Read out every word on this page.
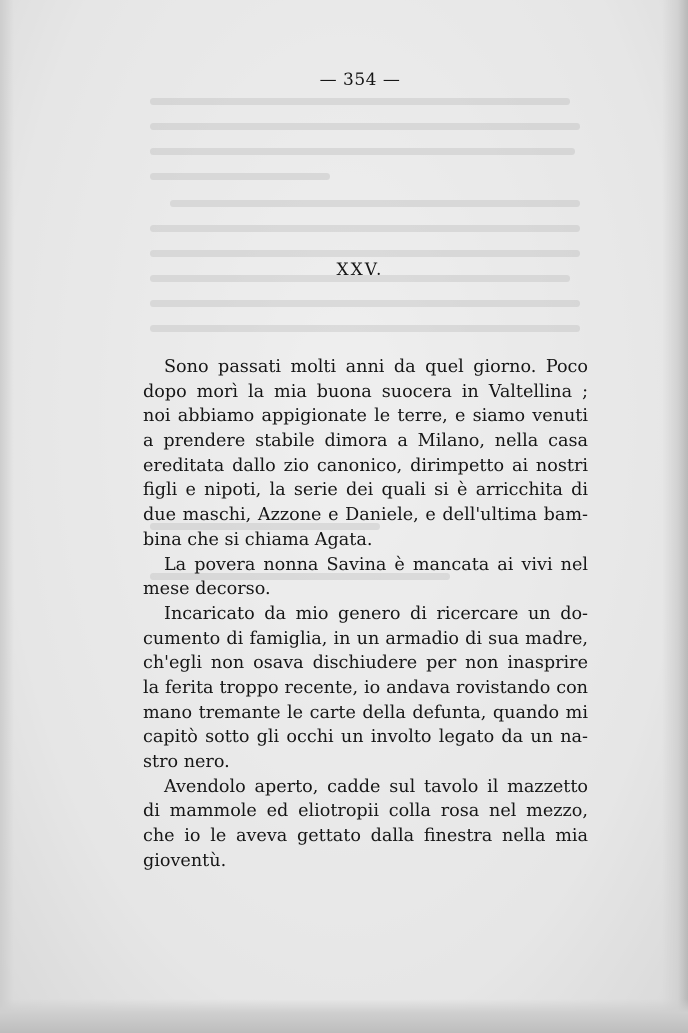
— 354 —
XXV.
Sono passati molti anni da quel giorno. Poco
dopo morì la mia buona suocera in Valtellina ;
noi abbiamo appigionate le terre, e siamo venuti
a prendere stabile dimora a Milano, nella casa
ereditata dallo zio canonico, dirimpetto ai nostri
figli e nipoti, la serie dei quali si è arricchita di
due maschi, Azzone e Daniele, e dell'ultima bam-
bina che si chiama Agata.
La povera nonna Savina è mancata ai vivi nel
mese decorso.
Incaricato da mio genero di ricercare un do-
cumento di famiglia, in un armadio di sua madre,
ch'egli non osava dischiudere per non inasprire
la ferita troppo recente, io andava rovistando con
mano tremante le carte della defunta, quando mi
capitò sotto gli occhi un involto legato da un na-
stro nero.
Avendolo aperto, cadde sul tavolo il mazzetto
di mammole ed eliotropii colla rosa nel mezzo,
che io le aveva gettato dalla finestra nella mia
gioventù.
